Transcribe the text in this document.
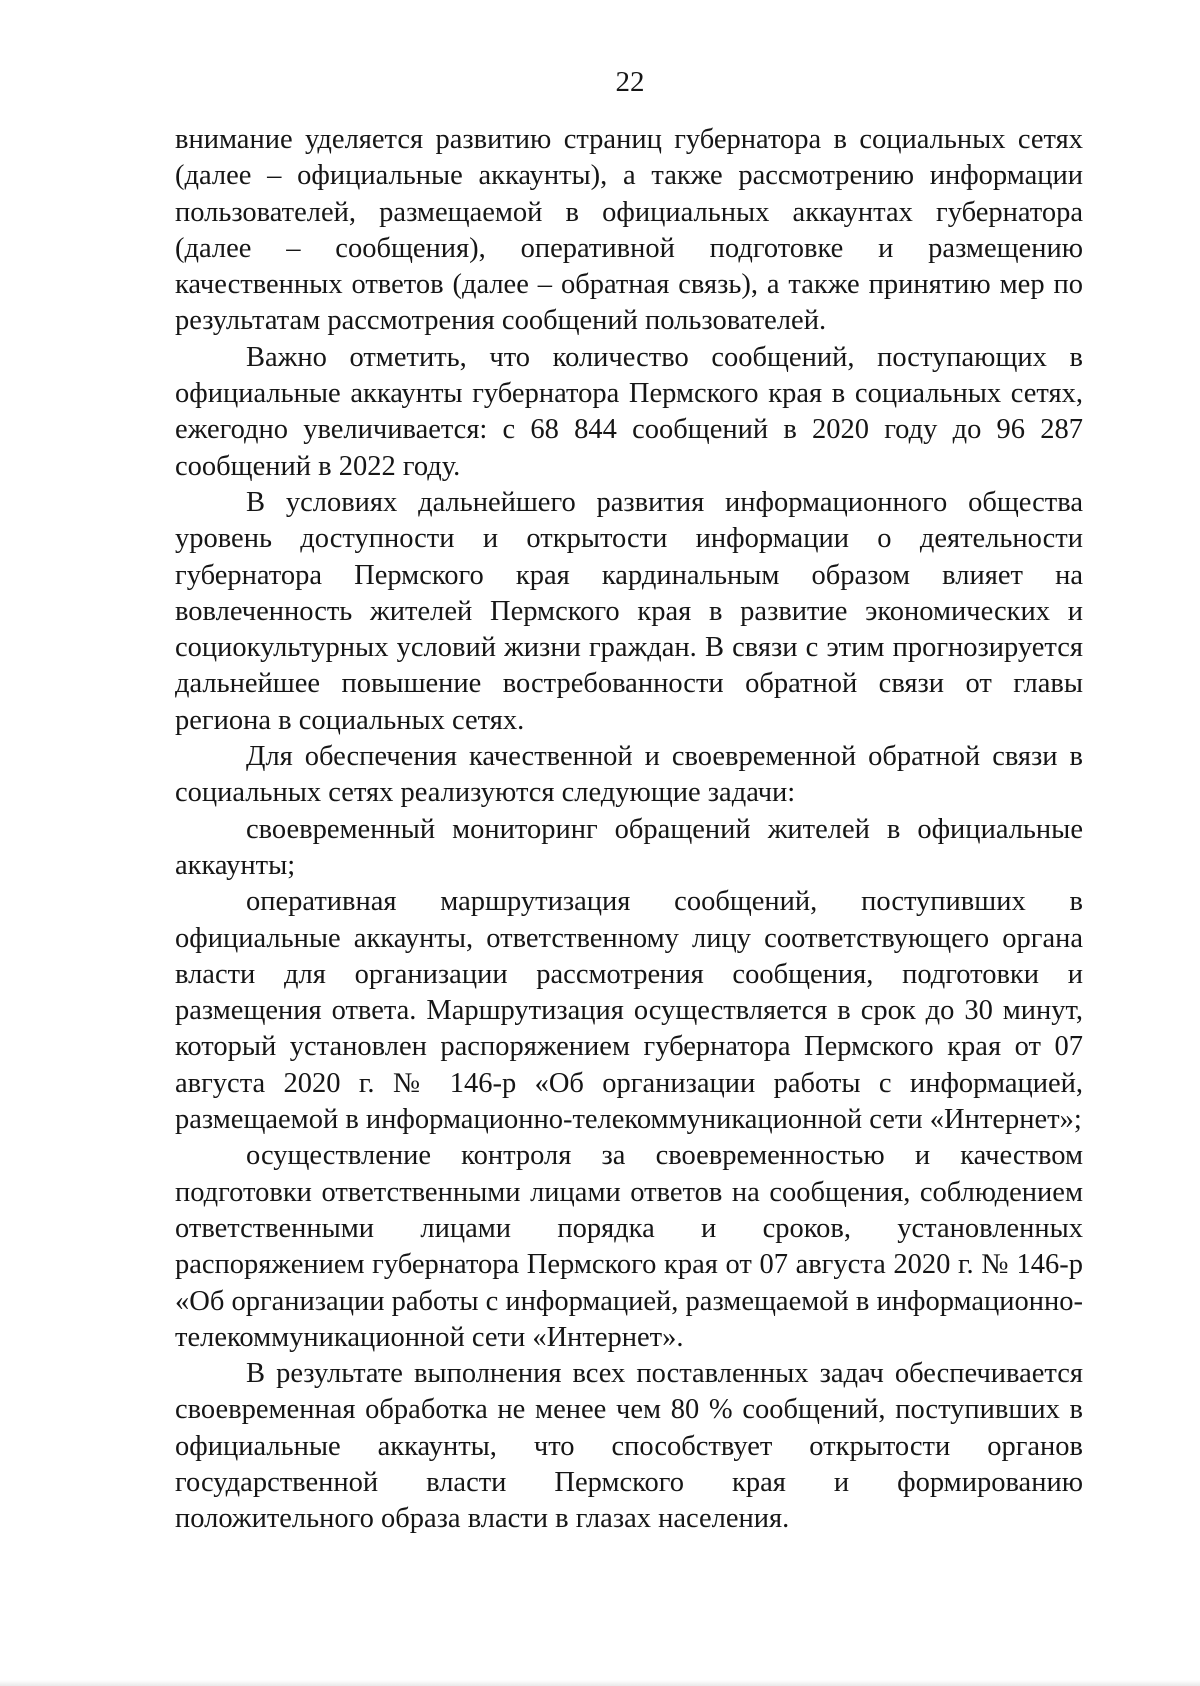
22

внимание уделяется развитию страниц губернатора в социальных сетях (далее – официальные аккаунты), а также рассмотрению информации пользователей, размещаемой в официальных аккаунтах губернатора (далее – сообщения), оперативной подготовке и размещению качественных ответов (далее – обратная связь), а также принятию мер по результатам рассмотрения сообщений пользователей.

Важно отметить, что количество сообщений, поступающих в официальные аккаунты губернатора Пермского края в социальных сетях, ежегодно увеличивается: с 68 844 сообщений в 2020 году до 96 287 сообщений в 2022 году.

В условиях дальнейшего развития информационного общества уровень доступности и открытости информации о деятельности губернатора Пермского края кардинальным образом влияет на вовлеченность жителей Пермского края в развитие экономических и социокультурных условий жизни граждан. В связи с этим прогнозируется дальнейшее повышение востребованности обратной связи от главы региона в социальных сетях.

Для обеспечения качественной и своевременной обратной связи в социальных сетях реализуются следующие задачи:

своевременный мониторинг обращений жителей в официальные аккаунты;

оперативная маршрутизация сообщений, поступивших в официальные аккаунты, ответственному лицу соответствующего органа власти для организации рассмотрения сообщения, подготовки и размещения ответа. Маршрутизация осуществляется в срок до 30 минут, который установлен распоряжением губернатора Пермского края от 07 августа 2020 г. № 146-р «Об организации работы с информацией, размещаемой в информационно-телекоммуникационной сети «Интернет»;

осуществление контроля за своевременностью и качеством подготовки ответственными лицами ответов на сообщения, соблюдением ответственными лицами порядка и сроков, установленных распоряжением губернатора Пермского края от 07 августа 2020 г. № 146-р «Об организации работы с информацией, размещаемой в информационно-телекоммуникационной сети «Интернет».

В результате выполнения всех поставленных задач обеспечивается своевременная обработка не менее чем 80 % сообщений, поступивших в официальные аккаунты, что способствует открытости органов государственной власти Пермского края и формированию положительного образа власти в глазах населения.
